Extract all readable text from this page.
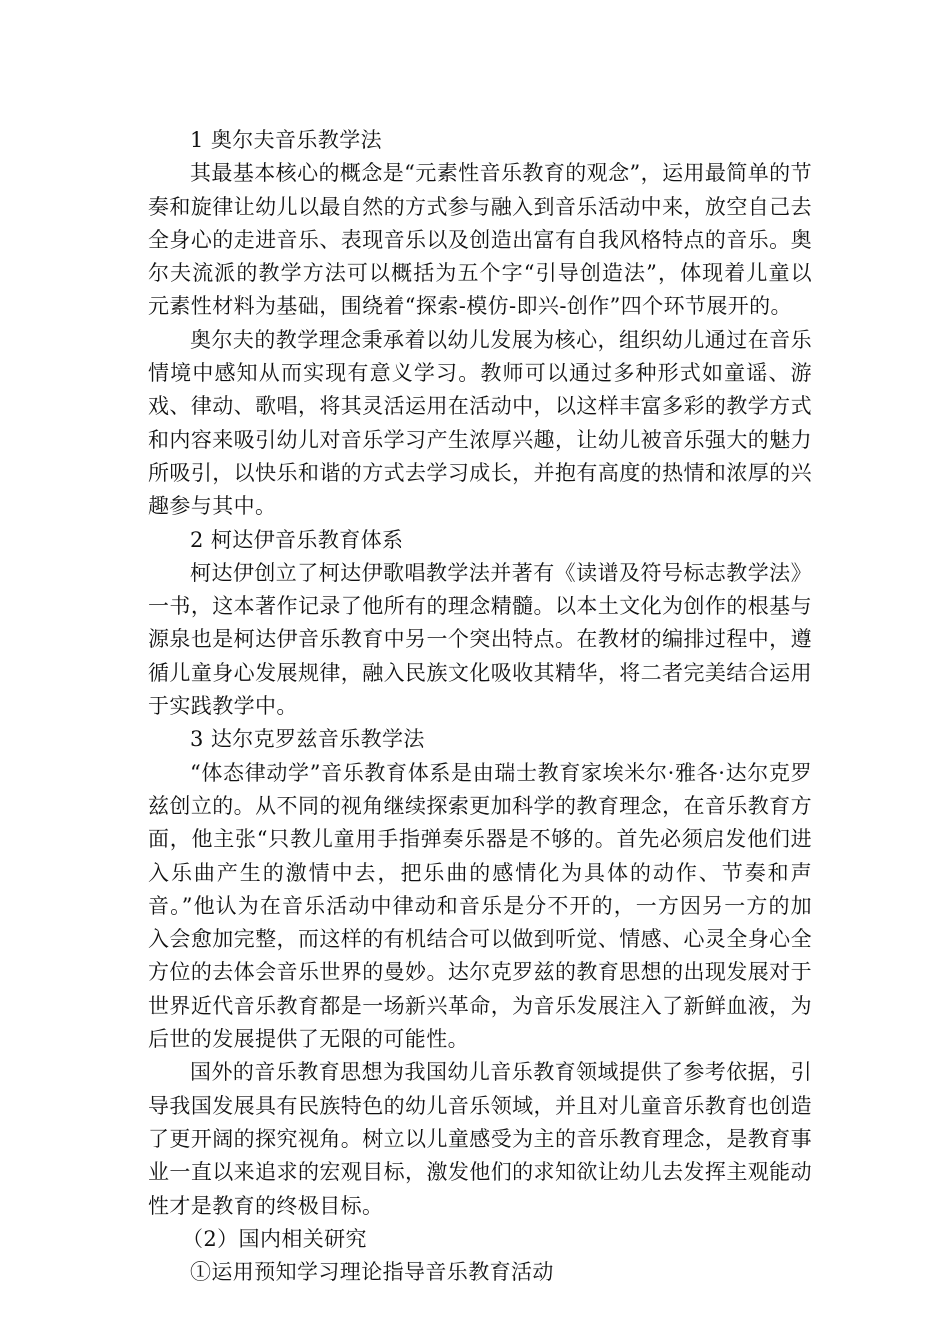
1 奥尔夫音乐教学法

其最基本核心的概念是“元素性音乐教育的观念”，运用最简单的节奏和旋律让幼儿以最自然的方式参与融入到音乐活动中来，放空自己去全身心的走进音乐、表现音乐以及创造出富有自我风格特点的音乐。奥尔夫流派的教学方法可以概括为五个字“引导创造法”，体现着儿童以元素性材料为基础，围绕着“探索-模仿-即兴-创作”四个环节展开的。

奥尔夫的教学理念秉承着以幼儿发展为核心，组织幼儿通过在音乐情境中感知从而实现有意义学习。教师可以通过多种形式如童谣、游戏、律动、歌唱，将其灵活运用在活动中，以这样丰富多彩的教学方式和内容来吸引幼儿对音乐学习产生浓厚兴趣，让幼儿被音乐强大的魅力所吸引，以快乐和谐的方式去学习成长，并抱有高度的热情和浓厚的兴趣参与其中。

2 柯达伊音乐教育体系

柯达伊创立了柯达伊歌唱教学法并著有《读谱及符号标志教学法》一书，这本著作记录了他所有的理念精髓。以本土文化为创作的根基与源泉也是柯达伊音乐教育中另一个突出特点。在教材的编排过程中，遵循儿童身心发展规律，融入民族文化吸收其精华，将二者完美结合运用于实践教学中。

3 达尔克罗兹音乐教学法

“体态律动学”音乐教育体系是由瑞士教育家埃米尔·雅各·达尔克罗兹创立的。从不同的视角继续探索更加科学的教育理念，在音乐教育方面，他主张“只教儿童用手指弹奏乐器是不够的。首先必须启发他们进入乐曲产生的激情中去，把乐曲的感情化为具体的动作、节奏和声音。”他认为在音乐活动中律动和音乐是分不开的，一方因另一方的加入会愈加完整，而这样的有机结合可以做到听觉、情感、心灵全身心全方位的去体会音乐世界的曼妙。达尔克罗兹的教育思想的出现发展对于世界近代音乐教育都是一场新兴革命，为音乐发展注入了新鲜血液，为后世的发展提供了无限的可能性。

国外的音乐教育思想为我国幼儿音乐教育领域提供了参考依据，引导我国发展具有民族特色的幼儿音乐领域，并且对儿童音乐教育也创造了更开阔的探究视角。树立以儿童感受为主的音乐教育理念，是教育事业一直以来追求的宏观目标，激发他们的求知欲让幼儿去发挥主观能动性才是教育的终极目标。

（2）国内相关研究

①运用预知学习理论指导音乐教育活动
